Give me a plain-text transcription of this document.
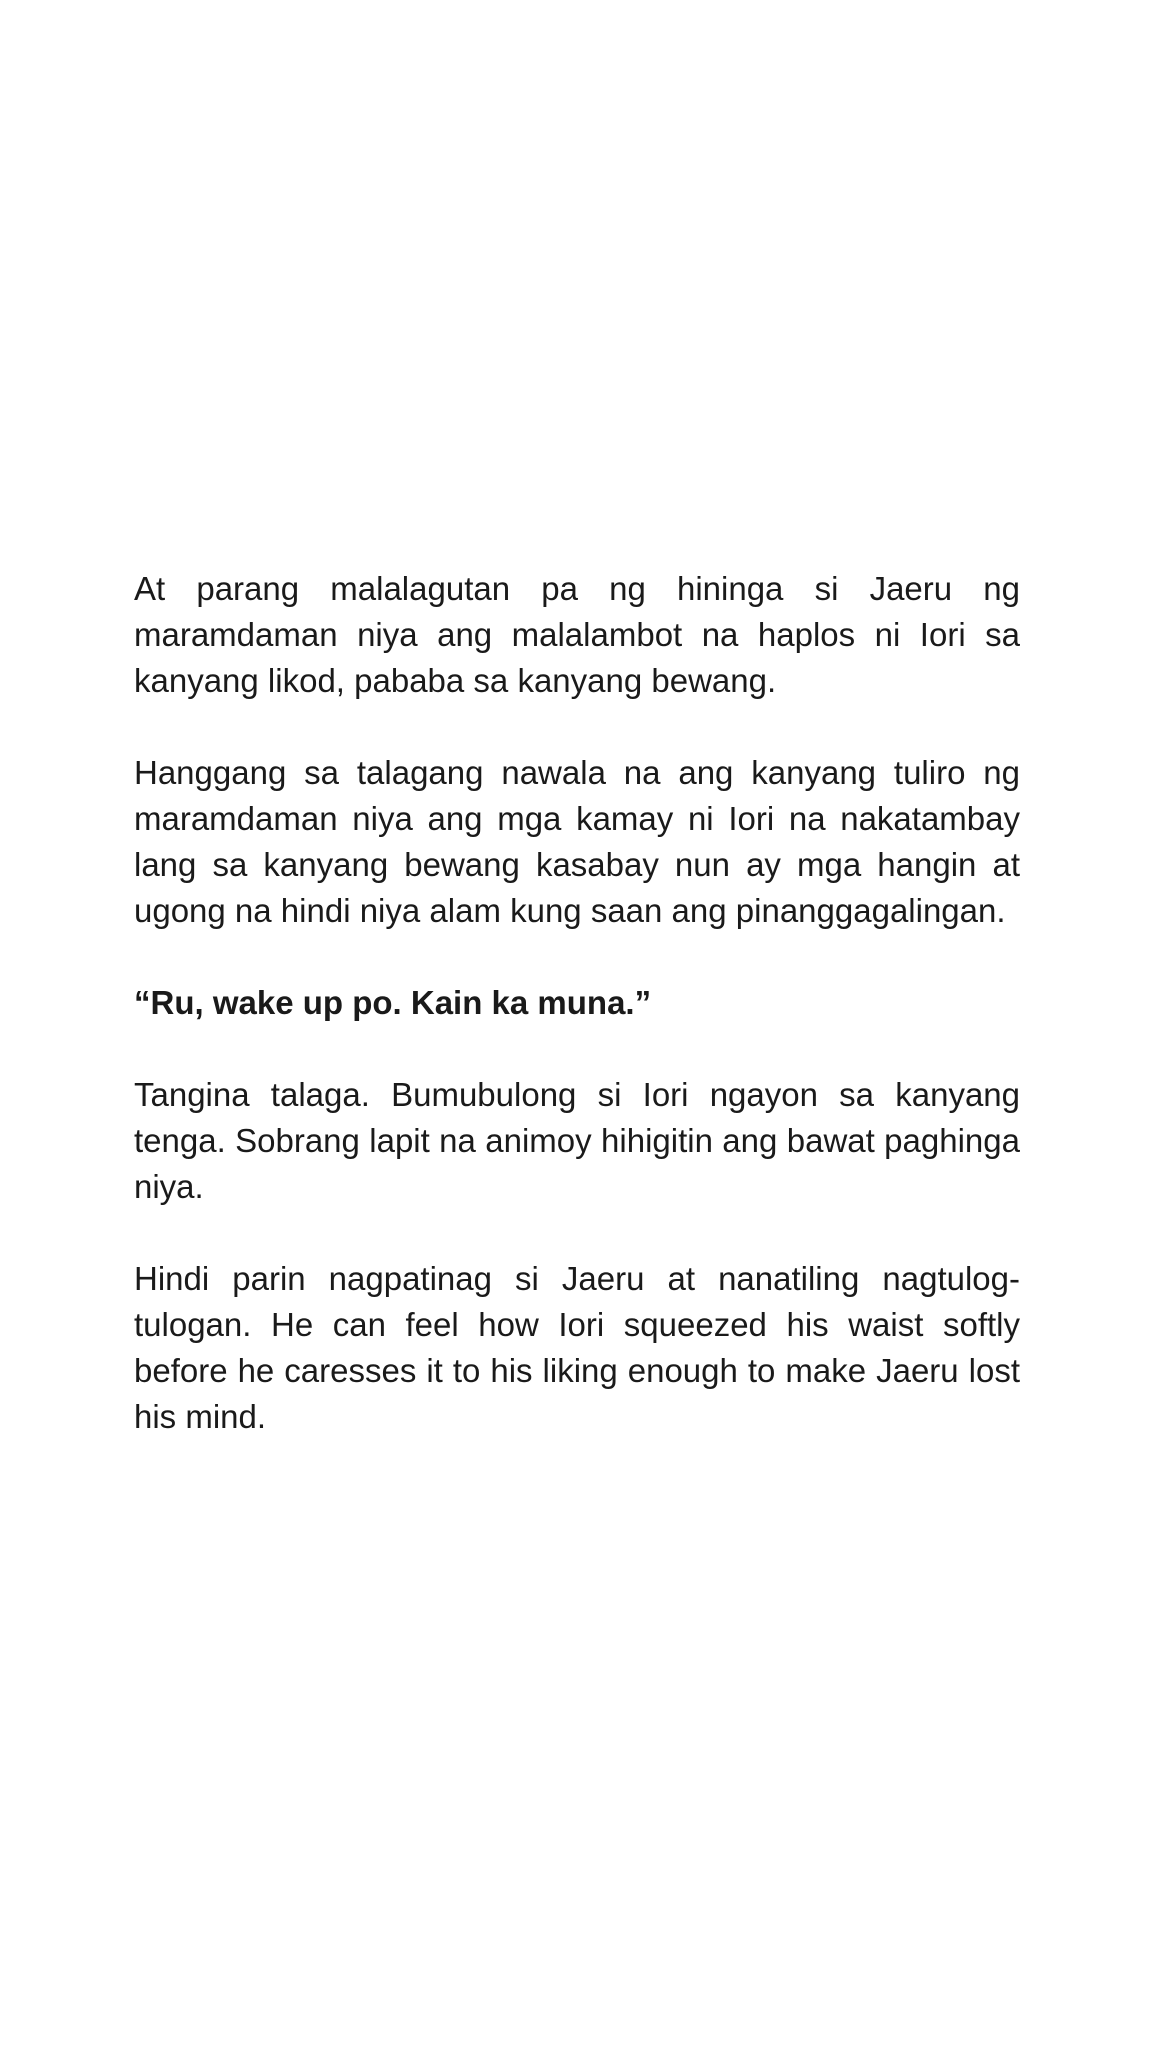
At parang malalagutan pa ng hininga si Jaeru ng maramdaman niya ang malalambot na haplos ni Iori sa kanyang likod, pababa sa kanyang bewang.

Hanggang sa talagang nawala na ang kanyang tuliro ng maramdaman niya ang mga kamay ni Iori na nakatambay lang sa kanyang bewang kasabay nun ay mga hangin at ugong na hindi niya alam kung saan ang pinanggagalingan.

“Ru, wake up po. Kain ka muna.”

Tangina talaga. Bumubulong si Iori ngayon sa kanyang tenga. Sobrang lapit na animoy hihigitin ang bawat paghinga niya.

Hindi parin nagpatinag si Jaeru at nanatiling nagtulog-tulogan. He can feel how Iori squeezed his waist softly before he caresses it to his liking enough to make Jaeru lost his mind.
